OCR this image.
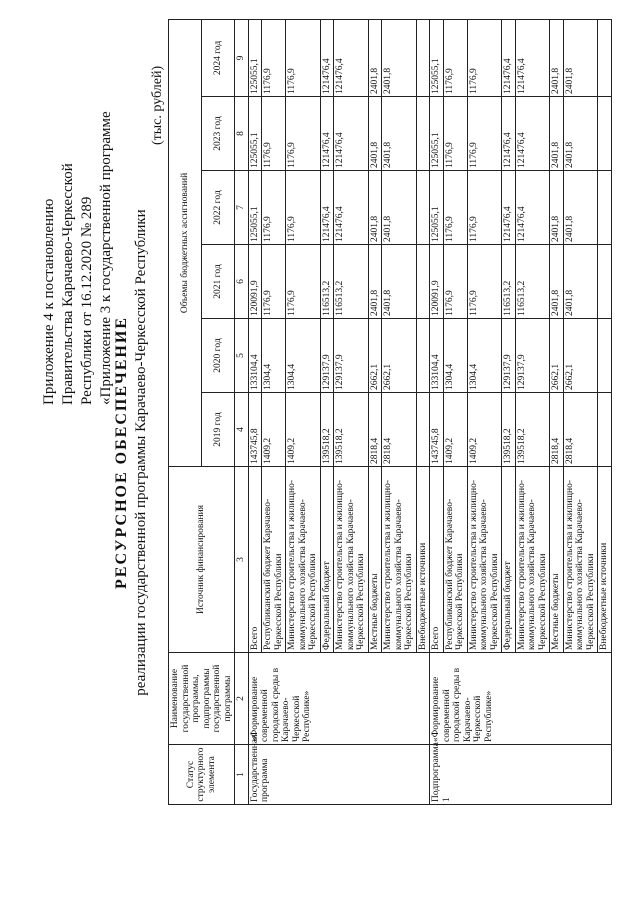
Приложение 4 к постановлению Правительства Карачаево-Черкесской Республики от 16.12.2020 № 289 «Приложение 3 к государственной программе
РЕСУРСНОЕ ОБЕСПЕЧЕНИЕ реализации государственной программы Карачаево-Черкесской Республики
(тыс. рублей)
Статус структурного элемента	Наименование государственной программы, подпрограммы государственной программы	Источник финансирования	Объемы бюджетных ассигнований					
			2019 год	2020 год	2021 год	2022 год	2023 год	2024 год
1	2	3	4	5	6	7	8	9
Государственная программа	«Формирование современной городской среды в Карачаево-Черкесской Республике»	Всего	143745,8	133104,4	120091,9	125055,1	125055,1	125055,1
		Республиканский бюджет Карачаево-Черкесской Республики	1409,2	1304,4	1176,9	1176,9	1176,9	1176,9
		Министерство строительства и жилищно-коммунального хозяйства Карачаево-Черкесской Республики	1409,2	1304,4	1176,9	1176,9	1176,9	1176,9
		Федеральный бюджет	139518,2	129137,9	116513,2	121476,4	121476,4	121476,4
		Министерство строительства и жилищно-коммунального хозяйства Карачаево-Черкесской Республики	139518,2	129137,9	116513,2	121476,4	121476,4	121476,4
		Местные бюджеты	2818,4	2662,1	2401,8	2401,8	2401,8	2401,8
		Министерство строительства и жилищно-коммунального хозяйства Карачаево-Черкесской Республики	2818,4	2662,1	2401,8	2401,8	2401,8	2401,8
		Внебюджетные источники						
Подпрограмма 1	«Формирование современной городской среды в Карачаево-Черкесской Республике»	Всего	143745,8	133104,4	120091,9	125055,1	125055,1	125055,1
		Республиканский бюджет Карачаево-Черкесской Республики	1409,2	1304,4	1176,9	1176,9	1176,9	1176,9
		Министерство строительства и жилищно-коммунального хозяйства Карачаево-Черкесской Республики	1409,2	1304,4	1176,9	1176,9	1176,9	1176,9
		Федеральный бюджет	139518,2	129137,9	116513,2	121476,4	121476,4	121476,4
		Министерство строительства и жилищно-коммунального хозяйства Карачаево-Черкесской Республики	139518,2	129137,9	116513,2	121476,4	121476,4	121476,4
		Местные бюджеты	2818,4	2662,1	2401,8	2401,8	2401,8	2401,8
		Министерство строительства и жилищно-коммунального хозяйства Карачаево-Черкесской Республики	2818,4	2662,1	2401,8	2401,8	2401,8	2401,8
		Внебюджетные источники						
